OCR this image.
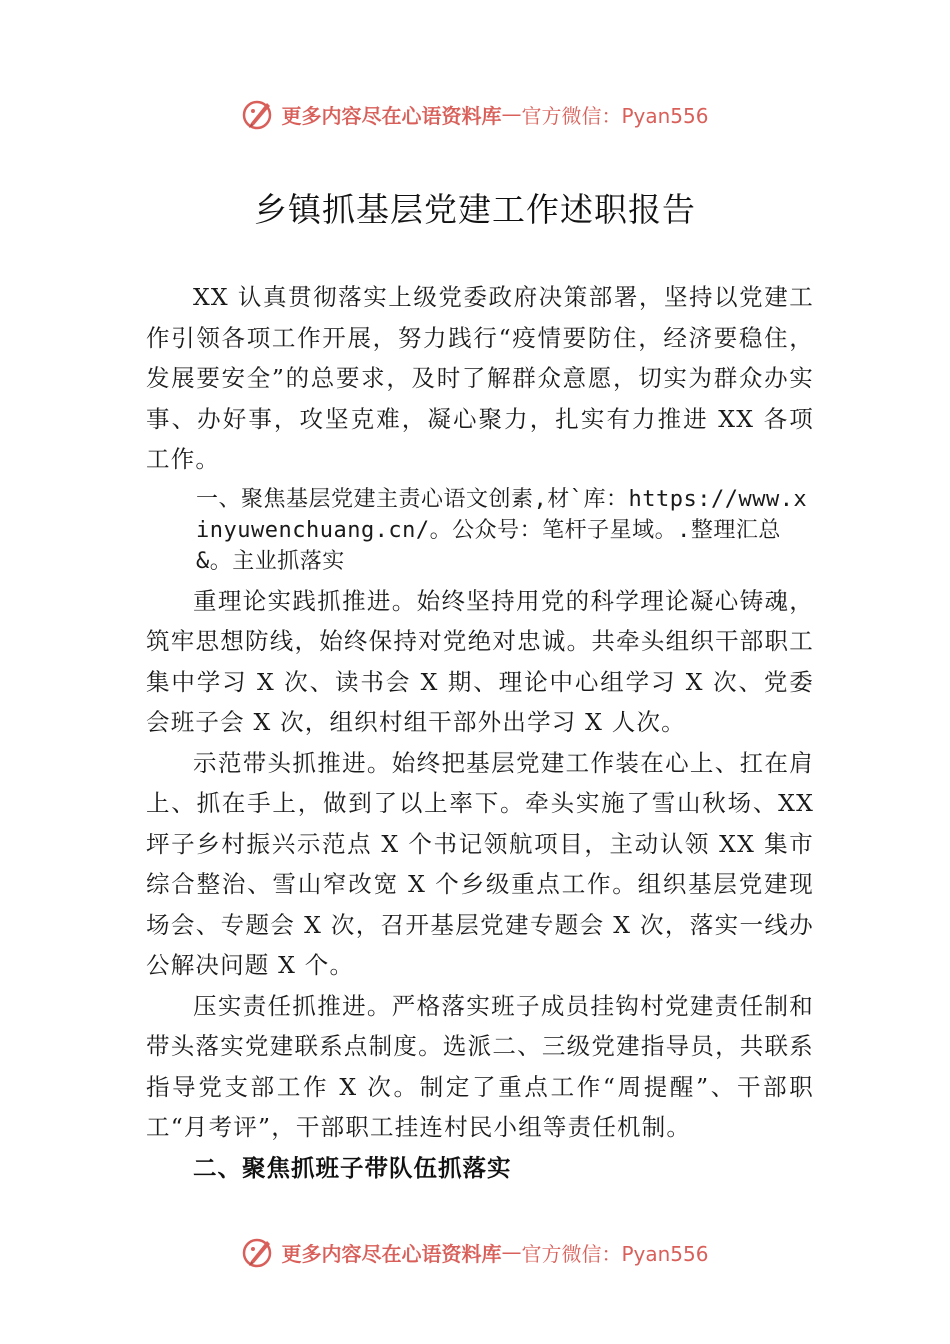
更多内容尽在心语资料库 — 官方微信：Pyan556
乡镇抓基层党建工作述职报告

XX 认真贯彻落实上级党委政府决策部署，坚持以党建工作引领各项工作开展，努力践行“疫情要防住，经济要稳住，发展要安全”的总要求，及时了解群众意愿，切实为群众办实事、办好事，攻坚克难，凝心聚力，扎实有力推进 XX 各项工作。

一、聚焦基层党建主责心语文创素,材`库：https://www.xinyuwenchuang.cn/。公众号：笔杆子星域。.整理汇总&。主业抓落实

重理论实践抓推进。始终坚持用党的科学理论凝心铸魂，筑牢思想防线，始终保持对党绝对忠诚。共牵头组织干部职工集中学习 X 次、读书会 X 期、理论中心组学习 X 次、党委会班子会 X 次，组织村组干部外出学习 X 人次。

示范带头抓推进。始终把基层党建工作装在心上、扛在肩上、抓在手上，做到了以上率下。牵头实施了雪山秋场、XX 坪子乡村振兴示范点 X 个书记领航项目，主动认领 XX 集市综合整治、雪山窄改宽 X 个乡级重点工作。组织基层党建现场会、专题会 X 次，召开基层党建专题会 X 次，落实一线办公解决问题 X 个。

压实责任抓推进。严格落实班子成员挂钩村党建责任制和带头落实党建联系点制度。选派二、三级党建指导员，共联系指导党支部工作 X 次。制定了重点工作“周提醒”、干部职工“月考评”，干部职工挂连村民小组等责任机制。

二、聚焦抓班子带队伍抓落实

更多内容尽在心语资料库 — 官方微信：Pyan556
